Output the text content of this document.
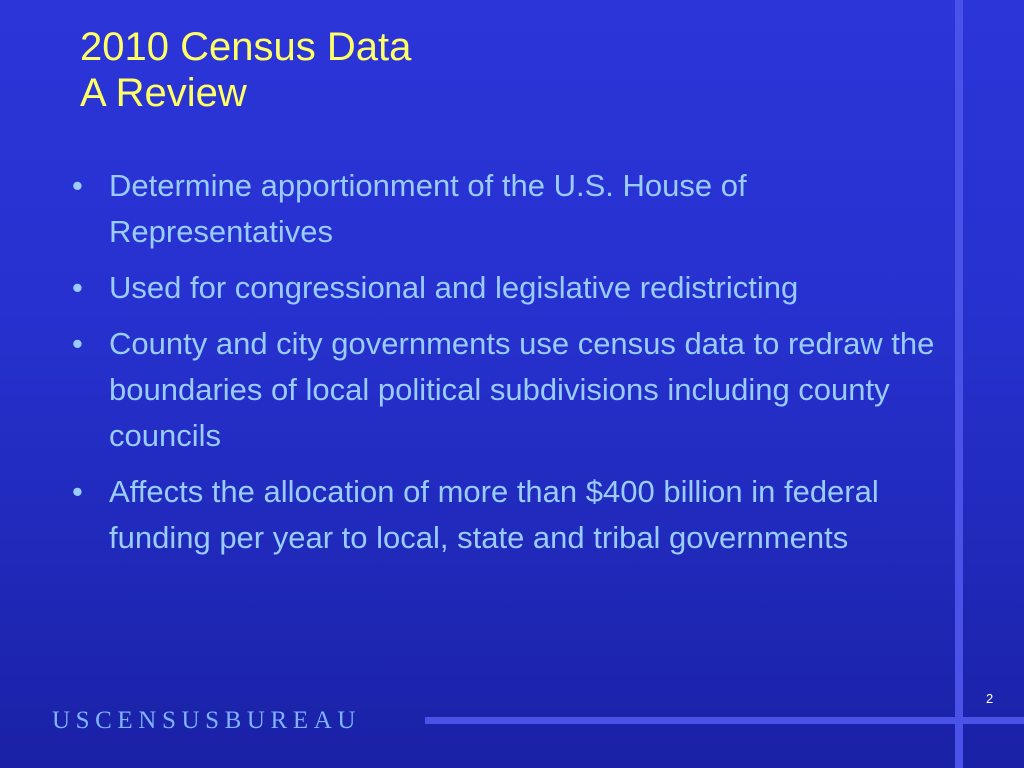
2010 Census Data
A Review
• Determine apportionment of the U.S. House of Representatives
• Used for congressional and legislative redistricting
• County and city governments use census data to redraw the boundaries of local political subdivisions including county councils
• Affects the allocation of more than $400 billion in federal funding per year to local, state and tribal governments
USCENSUSBUREAU
2
